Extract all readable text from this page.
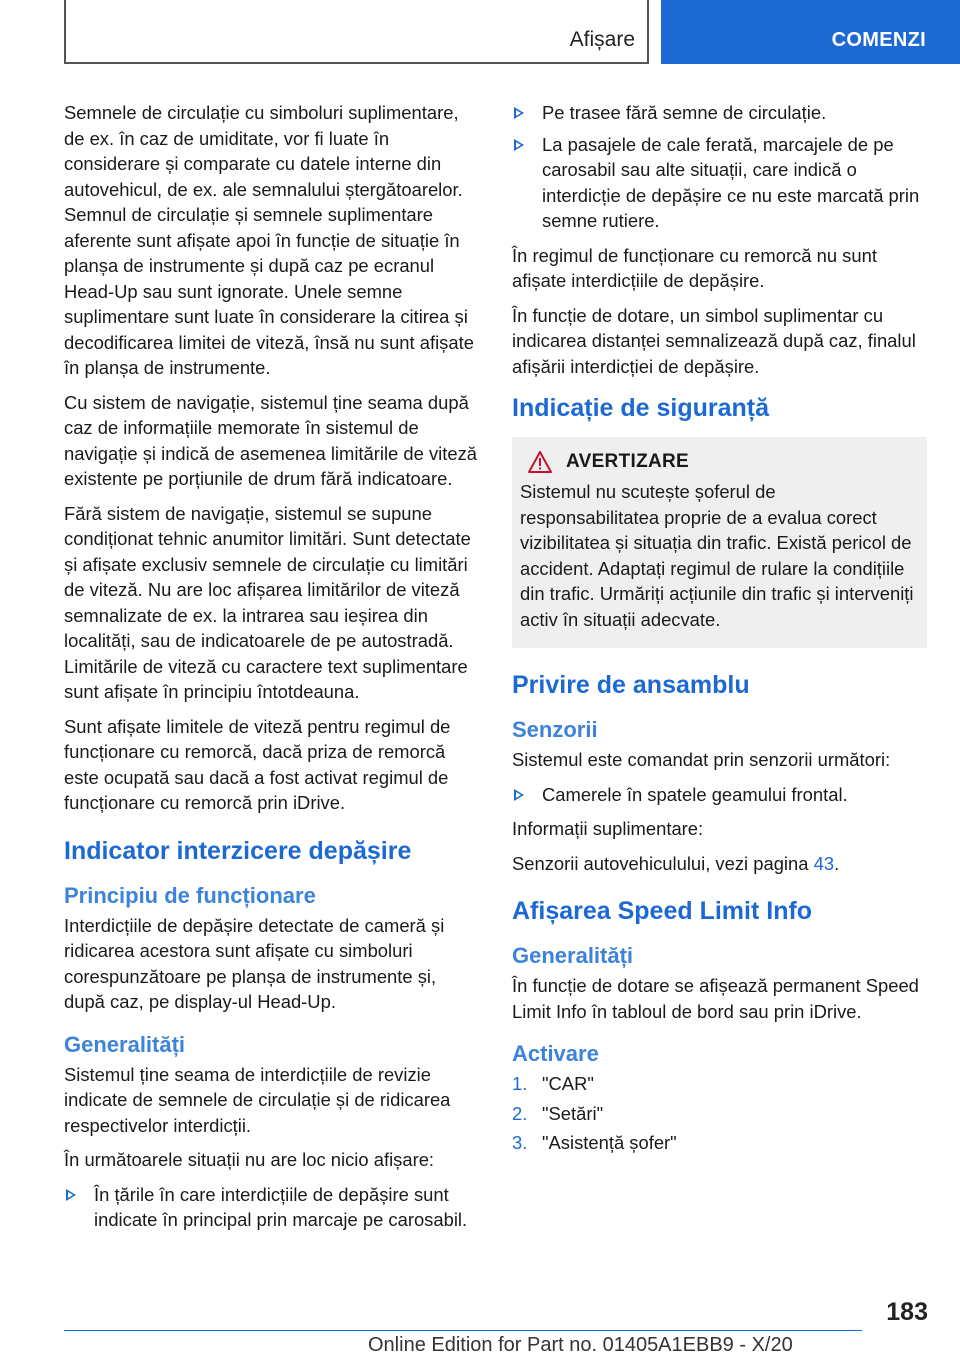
Afișare	COMENZI

Semnele de circulație cu simboluri suplimentare, de ex. în caz de umiditate, vor fi luate în considerare și comparate cu datele interne din autovehicul, de ex. ale semnalului ștergătoarelor. Semnul de circulație și semnele suplimentare aferente sunt afișate apoi în funcție de situație în planșa de instrumente și după caz pe ecranul Head-Up sau sunt ignorate. Unele semne suplimentare sunt luate în considerare la citirea și decodificarea limitei de viteză, însă nu sunt afișate în planșa de instrumente.

Cu sistem de navigație, sistemul ține seama după caz de informațiile memorate în sistemul de navigație și indică de asemenea limitările de viteză existente pe porțiunile de drum fără indicatoare.

Fără sistem de navigație, sistemul se supune condiționat tehnic anumitor limitări. Sunt detectate și afișate exclusiv semnele de circulație cu limitări de viteză. Nu are loc afișarea limitărilor de viteză semnalizate de ex. la intrarea sau ieșirea din localități, sau de indicatoarele de pe autostradă. Limitările de viteză cu caractere text suplimentare sunt afișate în principiu întotdeauna.

Sunt afișate limitele de viteză pentru regimul de funcționare cu remorcă, dacă priza de remorcă este ocupată sau dacă a fost activat regimul de funcționare cu remorcă prin iDrive.

Indicator interzicere depășire
Principiu de funcționare

Interdicțiile de depășire detectate de cameră și ridicarea acestora sunt afișate cu simboluri corespunzătoare pe planșa de instrumente și, după caz, pe display-ul Head-Up.

Generalități

Sistemul ține seama de interdicțiile de revizie indicate de semnele de circulație și de ridicarea respectivelor interdicții.

În următoarele situații nu are loc nicio afișare:

În țările în care interdicțiile de depășire sunt indicate în principal prin marcaje pe carosabil.
Pe trasee fără semne de circulație.
La pasajele de cale ferată, marcajele de pe carosabil sau alte situații, care indică o interdicție de depășire ce nu este marcată prin semne rutiere.

În regimul de funcționare cu remorcă nu sunt afișate interdicțiile de depășire.

În funcție de dotare, un simbol suplimentar cu indicarea distanței semnalizează după caz, finalul afișării interdicției de depășire.

Indicație de siguranță
AVERTIZARE

Sistemul nu scutește șoferul de responsabilitatea proprie de a evalua corect vizibilitatea și situația din trafic. Există pericol de accident. Adaptați regimul de rulare la condițiile din trafic. Urmăriți acțiunile din trafic și interveniți activ în situații adecvate.

Privire de ansamblu
Senzorii

Sistemul este comandat prin senzorii următori:

Camerele în spatele geamului frontal.

Informații suplimentare:

Senzorii autovehiculului, vezi pagina 43.

Afișarea Speed Limit Info
Generalități

În funcție de dotare se afișează permanent Speed Limit Info în tabloul de bord sau prin iDrive.

Activare
1. "CAR"
2. "Setări"
3. "Asistență șofer"
183
Online Edition for Part no. 01405A1EBB9 - X/20
